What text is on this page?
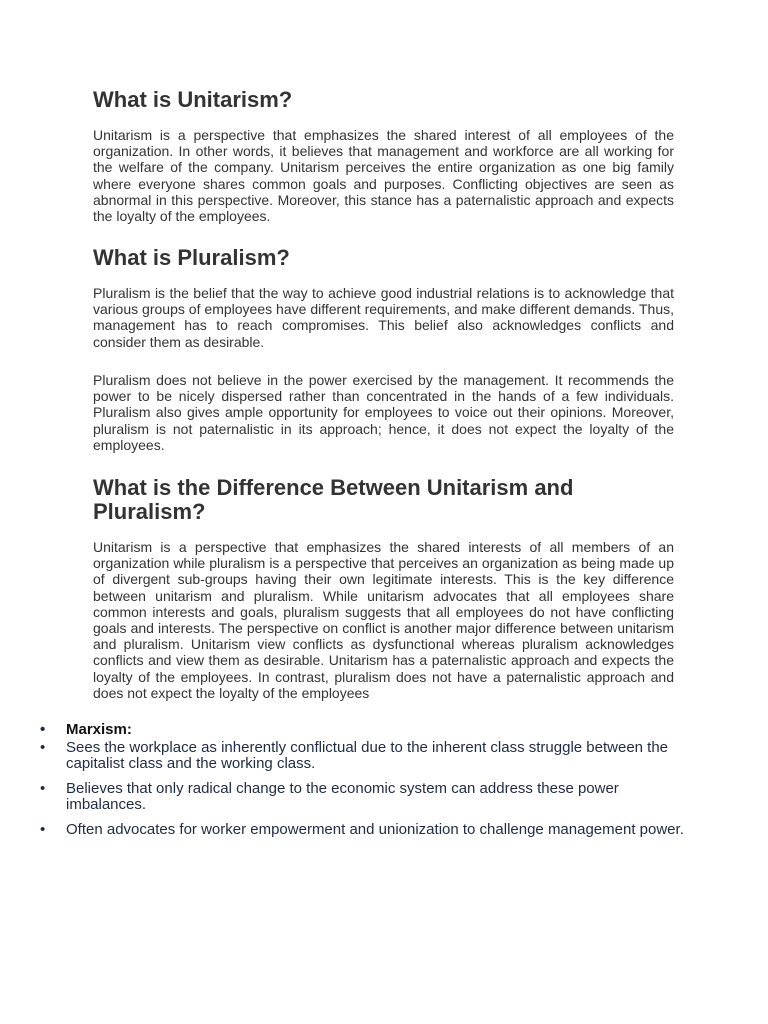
What is Unitarism?

Unitarism is a perspective that emphasizes the shared interest of all employees of the organization. In other words, it believes that management and workforce are all working for the welfare of the company. Unitarism perceives the entire organization as one big family where everyone shares common goals and purposes. Conflicting objectives are seen as abnormal in this perspective. Moreover, this stance has a paternalistic approach and expects the loyalty of the employees.

What is Pluralism?

Pluralism is the belief that the way to achieve good industrial relations is to acknowledge that various groups of employees have different requirements, and make different demands. Thus, management has to reach compromises. This belief also acknowledges conflicts and consider them as desirable.

Pluralism does not believe in the power exercised by the management. It recommends the power to be nicely dispersed rather than concentrated in the hands of a few individuals. Pluralism also gives ample opportunity for employees to voice out their opinions. Moreover, pluralism is not paternalistic in its approach; hence, it does not expect the loyalty of the employees.

What is the Difference Between Unitarism and Pluralism?

Unitarism is a perspective that emphasizes the shared interests of all members of an organization while pluralism is a perspective that perceives an organization as being made up of divergent sub-groups having their own legitimate interests. This is the key difference between unitarism and pluralism. While unitarism advocates that all employees share common interests and goals, pluralism suggests that all employees do not have conflicting goals and interests. The perspective on conflict is another major difference between unitarism and pluralism. Unitarism view conflicts as dysfunctional whereas pluralism acknowledges conflicts and view them as desirable. Unitarism has a paternalistic approach and expects the loyalty of the employees. In contrast, pluralism does not have a paternalistic approach and does not expect the loyalty of the employees

•	Marxism:
•	Sees the workplace as inherently conflictual due to the inherent class struggle between the capitalist class and the working class.
•	Believes that only radical change to the economic system can address these power imbalances.
•	Often advocates for worker empowerment and unionization to challenge management power.
